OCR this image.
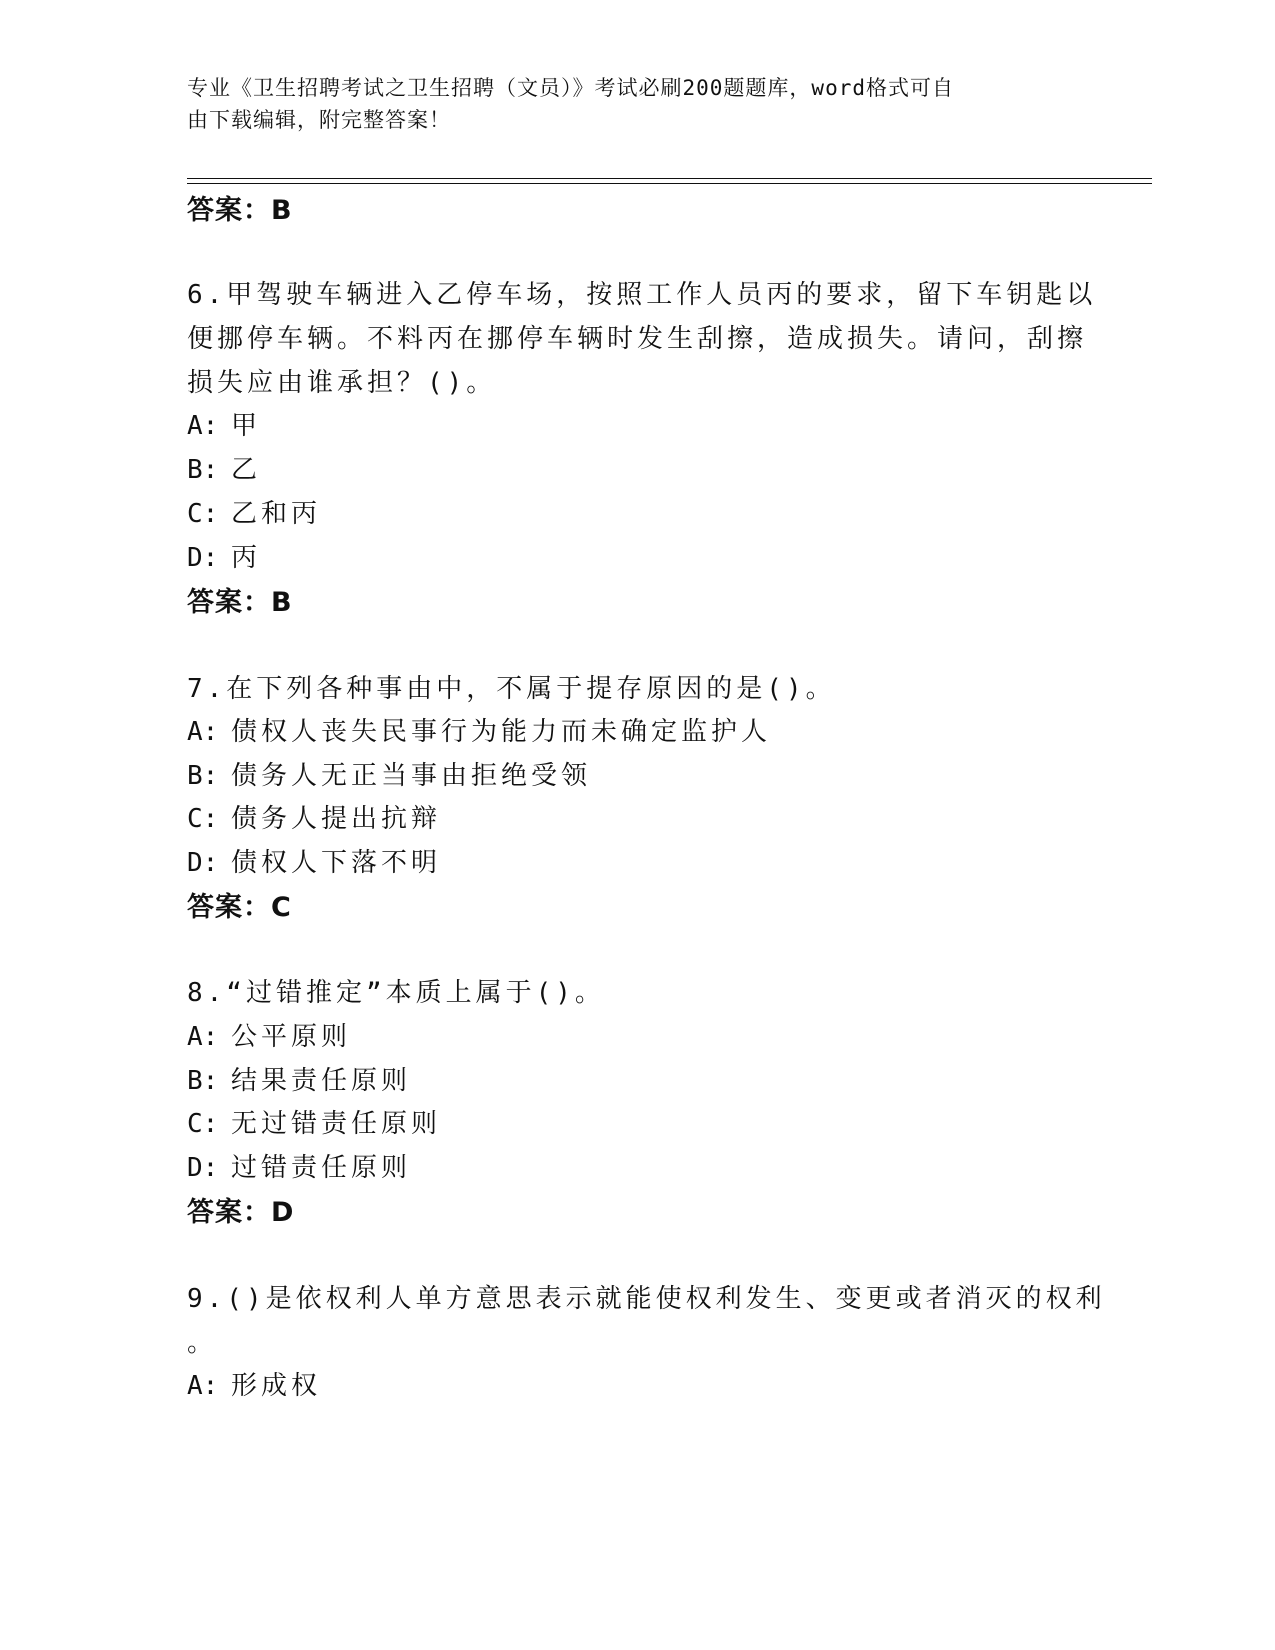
专业《卫生招聘考试之卫生招聘（文员）》考试必刷200题题库，word格式可自
由下载编辑，附完整答案！
答案：B
6.甲驾驶车辆进入乙停车场，按照工作人员丙的要求，留下车钥匙以
便挪停车辆。不料丙在挪停车辆时发生刮擦，造成损失。请问，刮擦
损失应由谁承担？()。
A: 甲
B: 乙
C: 乙和丙
D: 丙
答案：B
7.在下列各种事由中，不属于提存原因的是()。
A: 债权人丧失民事行为能力而未确定监护人
B: 债务人无正当事由拒绝受领
C: 债务人提出抗辩
D: 债权人下落不明
答案：C
8.“过错推定”本质上属于()。
A: 公平原则
B: 结果责任原则
C: 无过错责任原则
D: 过错责任原则
答案：D
9.()是依权利人单方意思表示就能使权利发生、变更或者消灭的权利
。
A: 形成权
